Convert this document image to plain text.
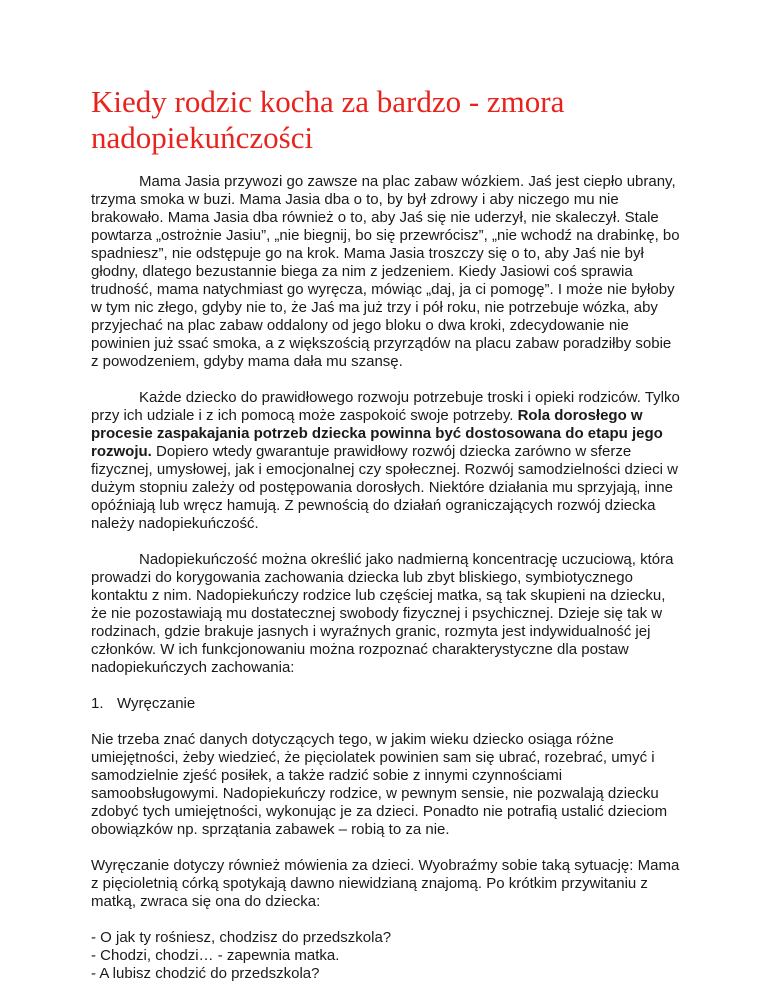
Kiedy rodzic kocha za bardzo - zmora nadopiekuńczości

Mama Jasia przywozi go zawsze na plac zabaw wózkiem. Jaś jest ciepło ubrany, trzyma smoka w buzi. Mama Jasia dba o to, by był zdrowy i aby niczego mu nie brakowało. Mama Jasia dba również o to, aby Jaś się nie uderzył, nie skaleczył. Stale powtarza „ostrożnie Jasiu”, „nie biegnij, bo się przewrócisz”, „nie wchodź na drabinkę, bo spadniesz”, nie odstępuje go na krok. Mama Jasia troszczy się o to, aby Jaś nie był głodny, dlatego bezustannie biega za nim z jedzeniem. Kiedy Jasiowi coś sprawia trudność, mama natychmiast go wyręcza, mówiąc „daj, ja ci pomogę”. I może nie byłoby w tym nic złego, gdyby nie to, że Jaś ma już trzy i pół roku, nie potrzebuje wózka, aby przyjechać na plac zabaw oddalony od jego bloku o dwa kroki, zdecydowanie nie powinien już ssać smoka, a z większością przyrządów na placu zabaw poradziłby sobie z powodzeniem, gdyby mama dała mu szansę.

Każde dziecko do prawidłowego rozwoju potrzebuje troski i opieki rodziców. Tylko przy ich udziale i z ich pomocą może zaspokoić swoje potrzeby. Rola dorosłego w procesie zaspakajania potrzeb dziecka powinna być dostosowana do etapu jego rozwoju. Dopiero wtedy gwarantuje prawidłowy rozwój dziecka zarówno w sferze fizycznej, umysłowej, jak i emocjonalnej czy społecznej. Rozwój samodzielności dzieci w dużym stopniu zależy od postępowania dorosłych. Niektóre działania mu sprzyjają, inne opóźniają lub wręcz hamują. Z pewnością do działań ograniczających rozwój dziecka należy nadopiekuńczość.

Nadopiekuńczość można określić jako nadmierną koncentrację uczuciową, która prowadzi do korygowania zachowania dziecka lub zbyt bliskiego, symbiotycznego kontaktu z nim. Nadopiekuńczy rodzice lub częściej matka, są tak skupieni na dziecku, że nie pozostawiają mu dostatecznej swobody fizycznej i psychicznej. Dzieje się tak w rodzinach, gdzie brakuje jasnych i wyraźnych granic, rozmyta jest indywidualność jej członków. W ich funkcjonowaniu można rozpoznać charakterystyczne dla postaw nadopiekuńczych zachowania:

1. Wyręczanie

Nie trzeba znać danych dotyczących tego, w jakim wieku dziecko osiąga różne umiejętności, żeby wiedzieć, że pięciolatek powinien sam się ubrać, rozebrać, umyć i samodzielnie zjeść posiłek, a także radzić sobie z innymi czynnościami samoobsługowymi. Nadopiekuńczy rodzice, w pewnym sensie, nie pozwalają dziecku zdobyć tych umiejętności, wykonując je za dzieci. Ponadto nie potrafią ustalić dzieciom obowiązków np. sprzątania zabawek – robią to za nie.

Wyręczanie dotyczy również mówienia za dzieci. Wyobraźmy sobie taką sytuację: Mama z pięcioletnią córką spotykają dawno niewidzianą znajomą. Po krótkim przywitaniu z matką, zwraca się ona do dziecka:

- O jak ty rośniesz, chodzisz do przedszkola?

- Chodzi, chodzi… - zapewnia matka.

- A lubisz chodzić do przedszkola?
